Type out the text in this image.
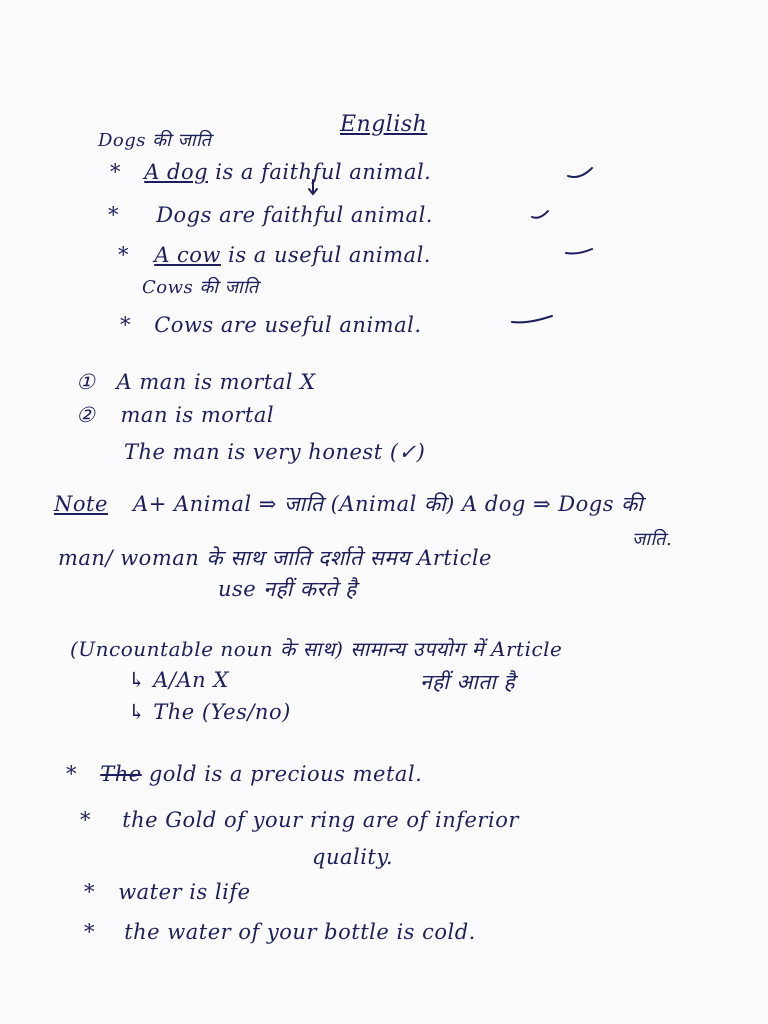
English
Dogs की जाति
* A dog is a faithful animal.
* Dogs are faithful animal.
* A cow is a useful animal.
Cows की जाति
* Cows are useful animal.
① A man is mortal X
② man is mortal
The man is very honest (✓)
Note A+ Animal ⇒ जाति (Animal की) A dog ⇒ Dogs की
जाति.
man/ woman के साथ जाति दर्शाते समय Article
use नहीं करते है
(Uncountable noun के साथ) सामान्य उपयोग में Article
↳ A/An X	नहीं आता है
↳ The (Yes/no)
* The gold is a precious metal.
* the Gold of your ring are of inferior
quality.
* water is life
* the water of your bottle is cold.
